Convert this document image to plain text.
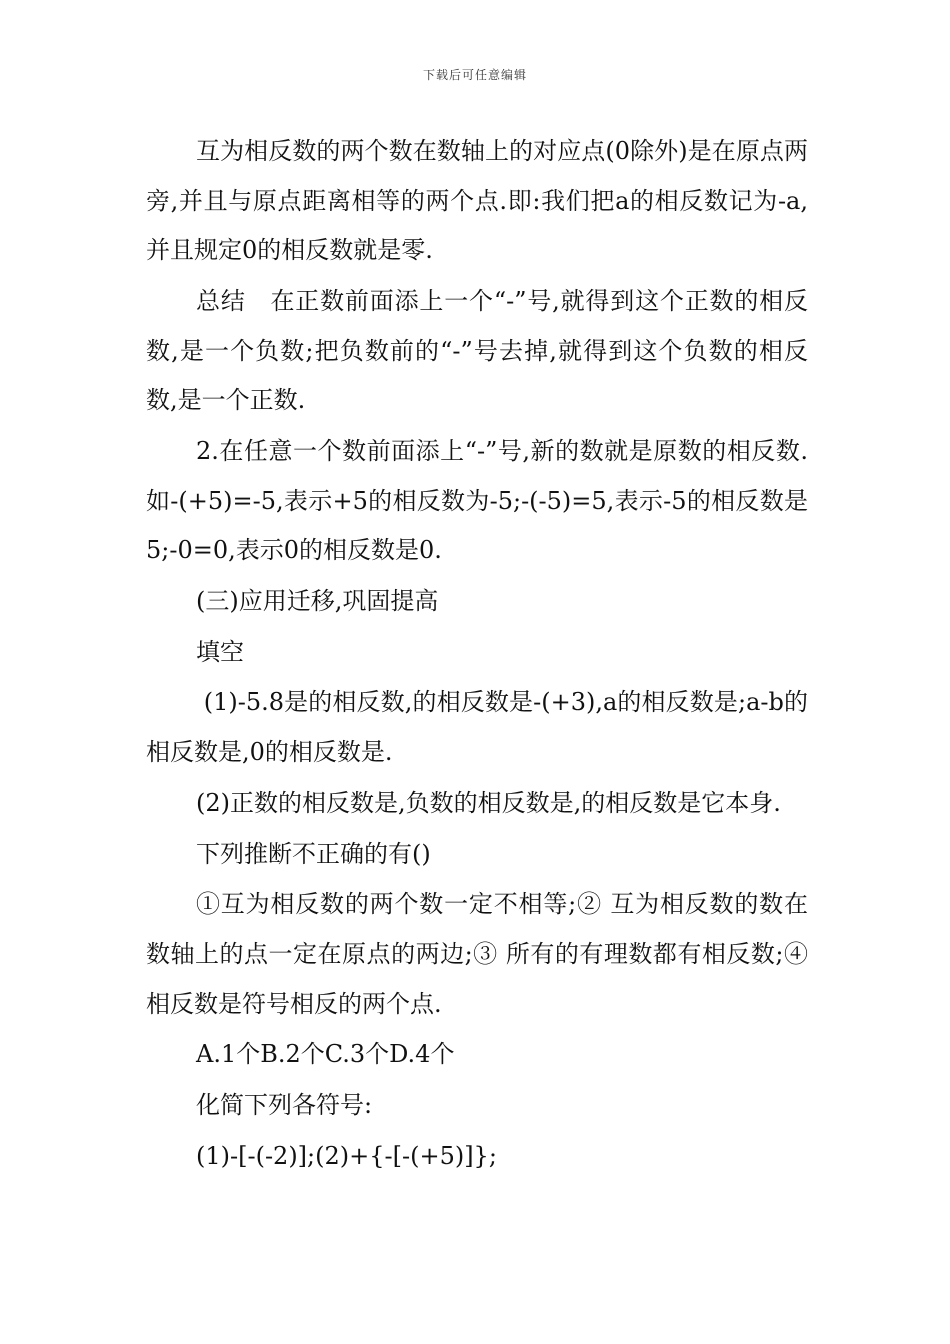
下载后可任意编辑

互为相反数的两个数在数轴上的对应点(0除外)是在原点两旁,并且与原点距离相等的两个点.即:我们把a的相反数记为-a,并且规定0的相反数就是零.

总结　在正数前面添上一个“-”号,就得到这个正数的相反数,是一个负数;把负数前的“-”号去掉,就得到这个负数的相反数,是一个正数.

2.在任意一个数前面添上“-”号,新的数就是原数的相反数.如-(+5)=-5,表示+5的相反数为-5;-(-5)=5,表示-5的相反数是5;-0=0,表示0的相反数是0.

(三)应用迁移,巩固提高

填空

(1)-5.8是的相反数,的相反数是-(+3),a的相反数是;a-b的相反数是,0的相反数是.

(2)正数的相反数是,负数的相反数是,的相反数是它本身.

下列推断不正确的有()

①互为相反数的两个数一定不相等;② 互为相反数的数在数轴上的点一定在原点的两边;③ 所有的有理数都有相反数;④ 相反数是符号相反的两个点.

A.1个B.2个C.3个D.4个

化简下列各符号:

(1)-[-(-2)];(2)+{-[-(+5)]};
